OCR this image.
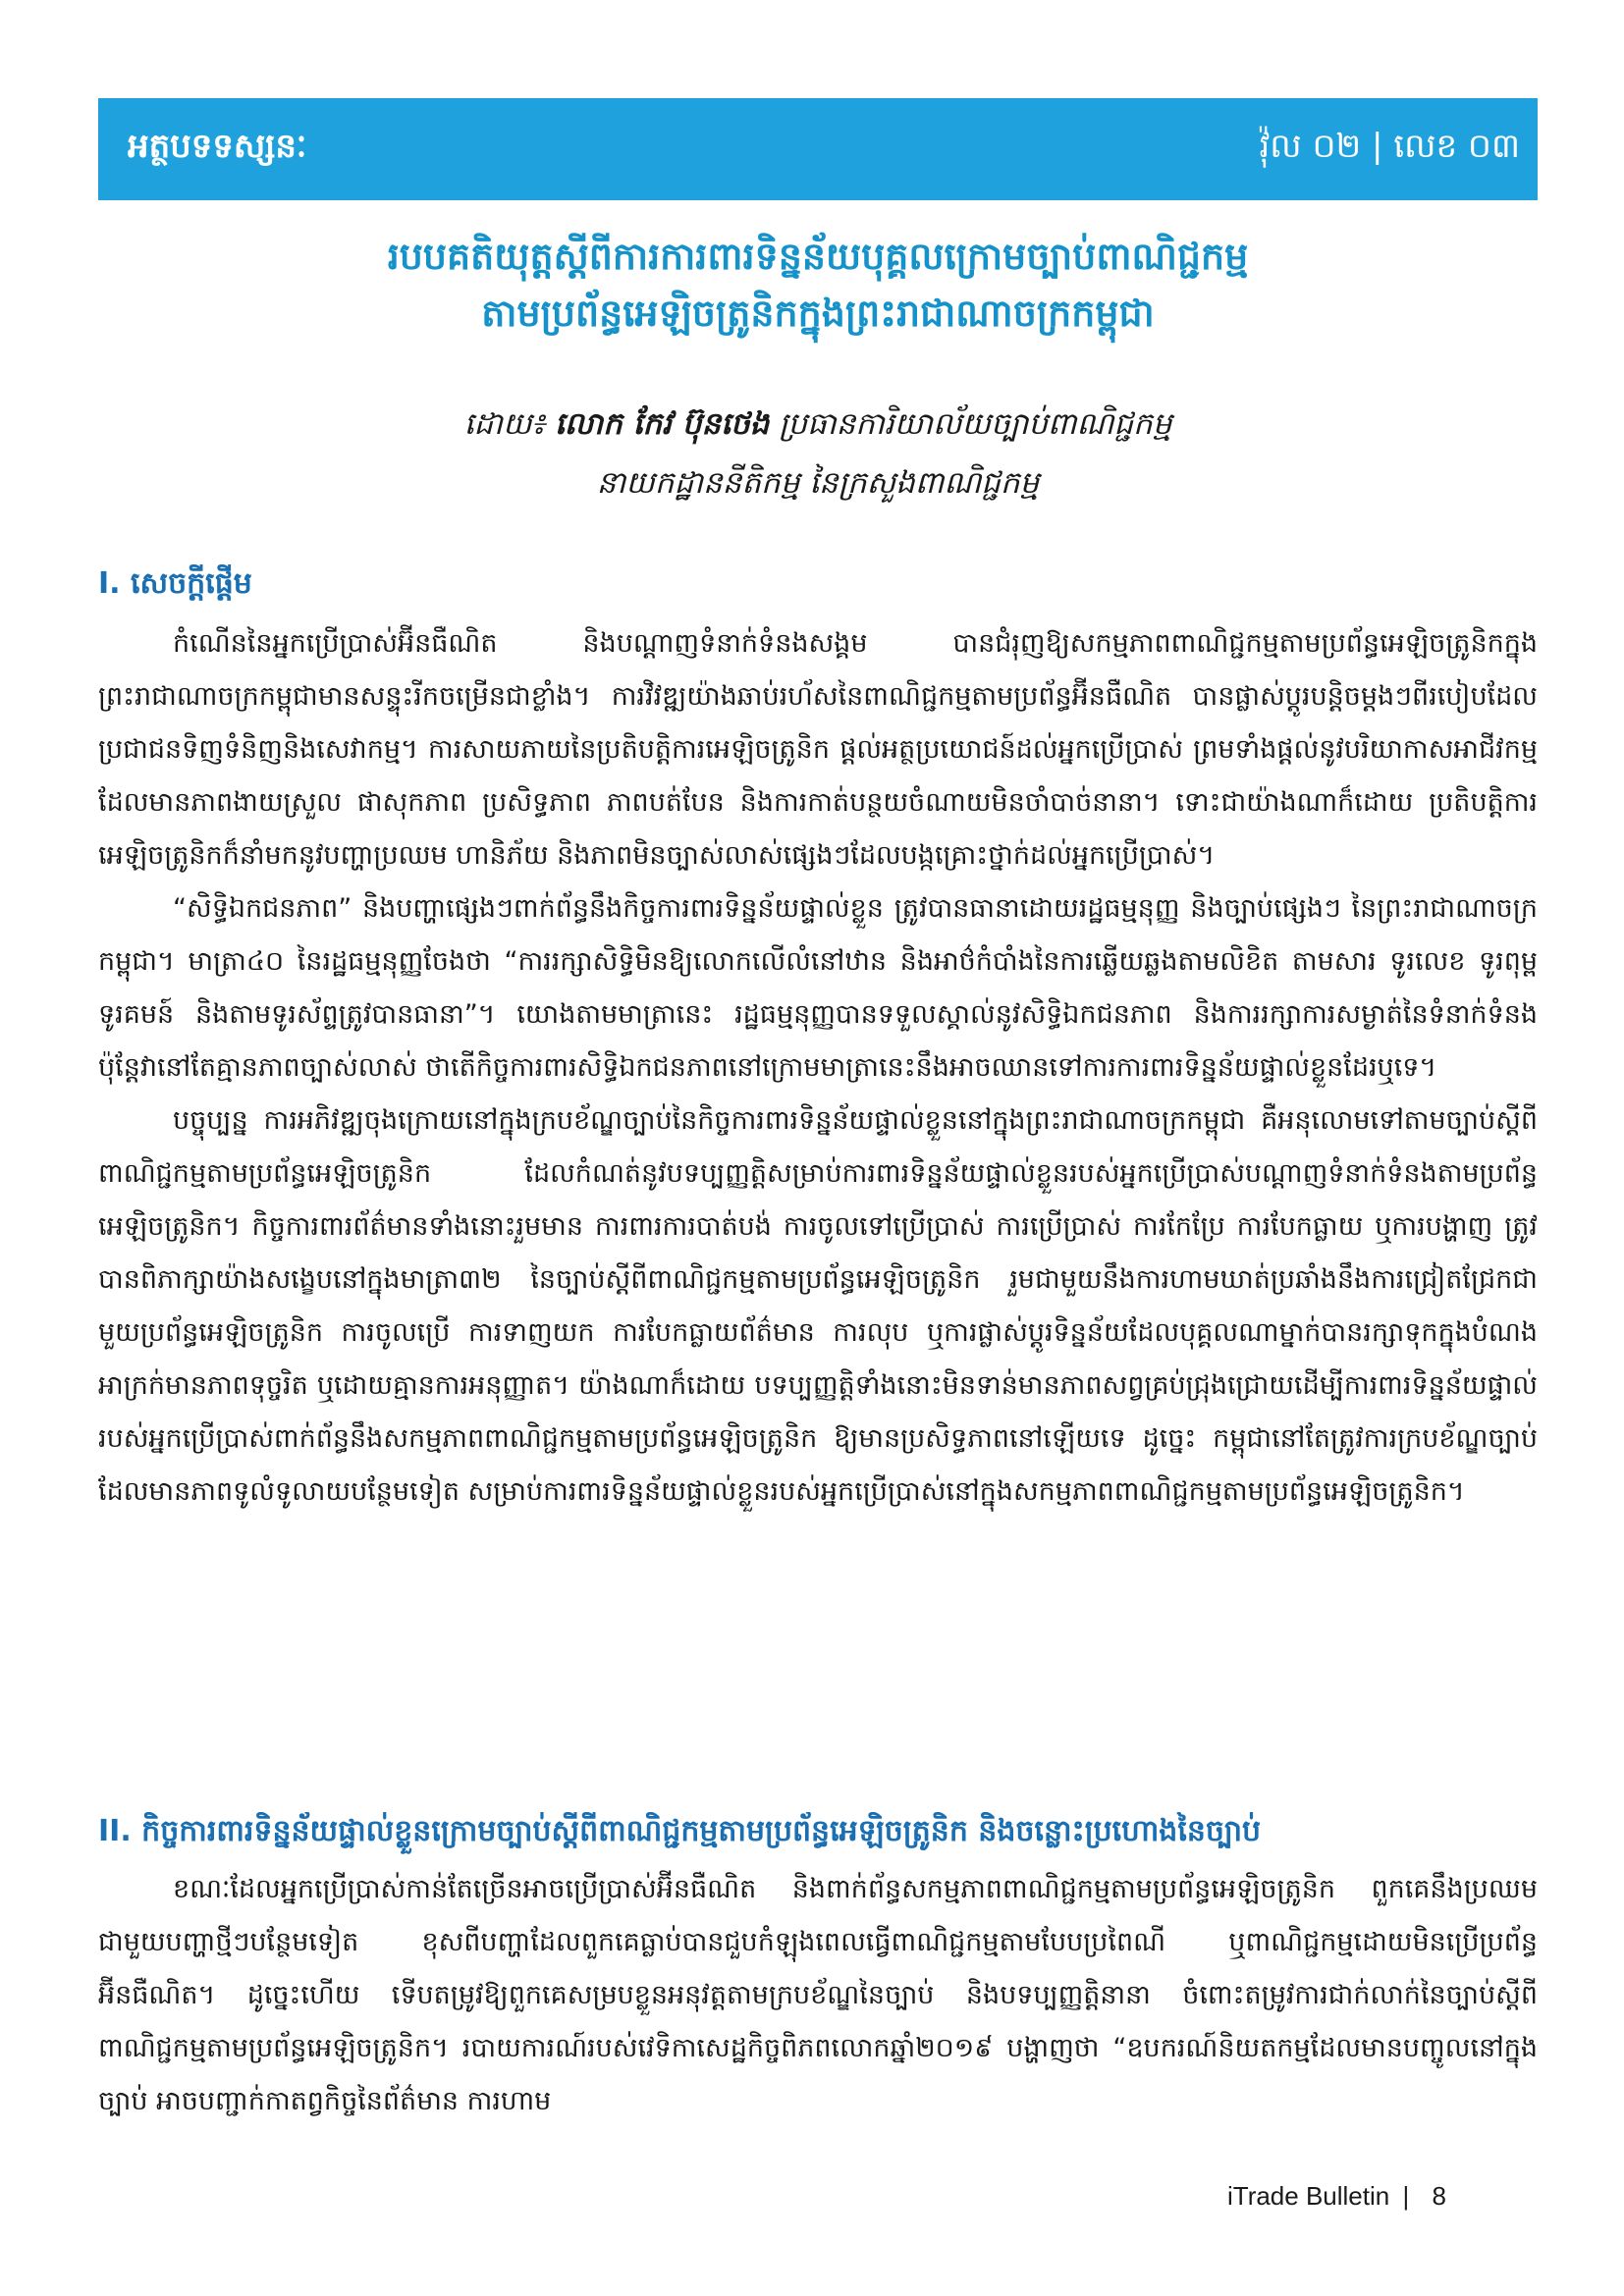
អត្ថបទទស្សនៈ	វ៉ុល ០២ | លេខ ០៣
របបគតិយុត្តស្តីពីការការពារទិន្នន័យបុគ្គលក្រោមច្បាប់ពាណិជ្ជកម្ម
តាមប្រព័ន្ធអេឡិចត្រូនិកក្នុងព្រះរាជាណាចក្រកម្ពុជា
ដោយ៖ លោក កែវ ប៊ុនថេង ប្រធានការិយាល័យច្បាប់ពាណិជ្ជកម្ម
នាយកដ្ឋាននីតិកម្ម នៃក្រសួងពាណិជ្ជកម្ម
I. សេចក្តីផ្តើម

កំណើននៃអ្នកប្រើប្រាស់អ៊ីនធឺណិត និងបណ្តាញទំនាក់ទំនងសង្គម បានជំរុញឱ្យសកម្មភាពពាណិជ្ជកម្មតាមប្រព័ន្ធអេឡិចត្រូនិកក្នុងព្រះរាជាណាចក្រកម្ពុជាមានសន្ទុះរីកចម្រើនជាខ្លាំង។ ការវិវឌ្ឍយ៉ាងឆាប់រហ័សនៃពាណិជ្ជកម្មតាមប្រព័ន្ធអ៊ីនធឺណិត បានផ្លាស់ប្តូរបន្តិចម្តងៗពីរបៀបដែលប្រជាជនទិញទំនិញនិងសេវាកម្ម។ ការសាយភាយនៃប្រតិបត្តិការអេឡិចត្រូនិក ផ្តល់អត្ថប្រយោជន៍ដល់អ្នកប្រើប្រាស់ ព្រមទាំងផ្តល់នូវបរិយាកាសអាជីវកម្មដែលមានភាពងាយស្រួល ផាសុកភាព ប្រសិទ្ធភាព ភាពបត់បែន និងការកាត់បន្ថយចំណាយមិនចាំបាច់នានា។ ទោះជាយ៉ាងណាក៏ដោយ ប្រតិបត្តិការអេឡិចត្រូនិកក៏នាំមកនូវបញ្ហាប្រឈម ហានិភ័យ និងភាពមិនច្បាស់លាស់ផ្សេងៗដែលបង្កគ្រោះថ្នាក់ដល់អ្នកប្រើប្រាស់។

“សិទ្ធិឯកជនភាព” និងបញ្ហាផ្សេងៗពាក់ព័ន្ធនឹងកិច្ចការពារទិន្នន័យផ្ទាល់ខ្លួន ត្រូវបានធានាដោយរដ្ឋធម្មនុញ្ញ និងច្បាប់ផ្សេងៗ នៃព្រះរាជាណាចក្រកម្ពុជា។ មាត្រា៤០ នៃរដ្ឋធម្មនុញ្ញចែងថា “ការរក្សាសិទ្ធិមិនឱ្យលោកលើលំនៅឋាន និងអាថ៌កំបាំងនៃការឆ្លើយឆ្លងតាមលិខិត តាមសារ ទូរលេខ ទូរពុម្ព ទូរគមន៍ និងតាមទូរស័ព្ទត្រូវបានធានា”។ យោងតាមមាត្រានេះ រដ្ឋធម្មនុញ្ញបានទទួលស្គាល់នូវសិទ្ធិឯកជនភាព និងការរក្សាការសម្ងាត់នៃទំនាក់ទំនង ប៉ុន្តែវានៅតែគ្មានភាពច្បាស់លាស់ ថាតើកិច្ចការពារសិទ្ធិឯកជនភាពនៅក្រោមមាត្រានេះនឹងអាចឈានទៅការការពារទិន្នន័យផ្ទាល់ខ្លួនដែរឬទេ។

បច្ចុប្បន្ន ការអភិវឌ្ឍចុងក្រោយនៅក្នុងក្របខ័ណ្ឌច្បាប់នៃកិច្ចការពារទិន្នន័យផ្ទាល់ខ្លួននៅក្នុងព្រះរាជាណាចក្រកម្ពុជា គឺអនុលោមទៅតាមច្បាប់ស្តីពីពាណិជ្ជកម្មតាមប្រព័ន្ធអេឡិចត្រូនិក ដែលកំណត់នូវបទប្បញ្ញត្តិសម្រាប់ការពារទិន្នន័យផ្ទាល់ខ្លួនរបស់អ្នកប្រើប្រាស់បណ្តាញទំនាក់ទំនងតាមប្រព័ន្ធអេឡិចត្រូនិក។ កិច្ចការពារព័ត៌មានទាំងនោះរួមមាន ការពារការបាត់បង់ ការចូលទៅប្រើប្រាស់ ការប្រើប្រាស់ ការកែប្រែ ការបែកធ្លាយ ឬការបង្ហាញ ត្រូវបានពិភាក្សាយ៉ាងសង្ខេបនៅក្នុងមាត្រា៣២ នៃច្បាប់ស្តីពីពាណិជ្ជកម្មតាមប្រព័ន្ធអេឡិចត្រូនិក រួមជាមួយនឹងការហាមឃាត់ប្រឆាំងនឹងការជ្រៀតជ្រែកជាមួយប្រព័ន្ធអេឡិចត្រូនិក ការចូលប្រើ ការទាញយក ការបែកធ្លាយព័ត៌មាន ការលុប ឬការផ្លាស់ប្តូរទិន្នន័យដែលបុគ្គលណាម្នាក់បានរក្សាទុកក្នុងបំណងអាក្រក់មានភាពទុច្ចរិត ឬដោយគ្មានការអនុញ្ញាត។ យ៉ាងណាក៏ដោយ បទប្បញ្ញត្តិទាំងនោះមិនទាន់មានភាពសព្វគ្រប់ជ្រុងជ្រោយដើម្បីការពារទិន្នន័យផ្ទាល់របស់អ្នកប្រើប្រាស់ពាក់ព័ន្ធនឹងសកម្មភាពពាណិជ្ជកម្មតាមប្រព័ន្ធអេឡិចត្រូនិក ឱ្យមានប្រសិទ្ធភាពនៅឡើយទេ ដូច្នេះ កម្ពុជានៅតែត្រូវការក្របខ័ណ្ឌច្បាប់ដែលមានភាពទូលំទូលាយបន្ថែមទៀត សម្រាប់ការពារទិន្នន័យផ្ទាល់ខ្លួនរបស់អ្នកប្រើប្រាស់នៅក្នុងសកម្មភាពពាណិជ្ជកម្មតាមប្រព័ន្ធអេឡិចត្រូនិក។

II. កិច្ចការពារទិន្នន័យផ្ទាល់ខ្លួនក្រោមច្បាប់ស្តីពីពាណិជ្ជកម្មតាមប្រព័ន្ធអេឡិចត្រូនិក និងចន្លោះប្រហោងនៃច្បាប់

ខណៈដែលអ្នកប្រើប្រាស់កាន់តែច្រើនអាចប្រើប្រាស់អ៊ីនធឺណិត និងពាក់ព័ន្ធសកម្មភាពពាណិជ្ជកម្មតាមប្រព័ន្ធអេឡិចត្រូនិក ពួកគេនឹងប្រឈមជាមួយបញ្ហាថ្មីៗបន្ថែមទៀត ខុសពីបញ្ហាដែលពួកគេធ្លាប់បានជួបកំឡុងពេលធ្វើពាណិជ្ជកម្មតាមបែបប្រពៃណី ឬពាណិជ្ជកម្មដោយមិនប្រើប្រព័ន្ធអ៊ីនធឺណិត។ ដូច្នេះហើយ ទើបតម្រូវឱ្យពួកគេសម្របខ្លួនអនុវត្តតាមក្របខ័ណ្ឌនៃច្បាប់ និងបទប្បញ្ញត្តិនានា ចំពោះតម្រូវការជាក់លាក់នៃច្បាប់ស្តីពីពាណិជ្ជកម្មតាមប្រព័ន្ធអេឡិចត្រូនិក។ របាយការណ៍របស់វេទិកាសេដ្ឋកិច្ចពិភពលោកឆ្នាំ២០១៩ បង្ហាញថា “ឧបករណ៍និយតកម្មដែលមានបញ្ចូលនៅក្នុងច្បាប់ អាចបញ្ជាក់កាតព្វកិច្ចនៃព័ត៌មាន ការហាម

iTrade Bulletin | 8
